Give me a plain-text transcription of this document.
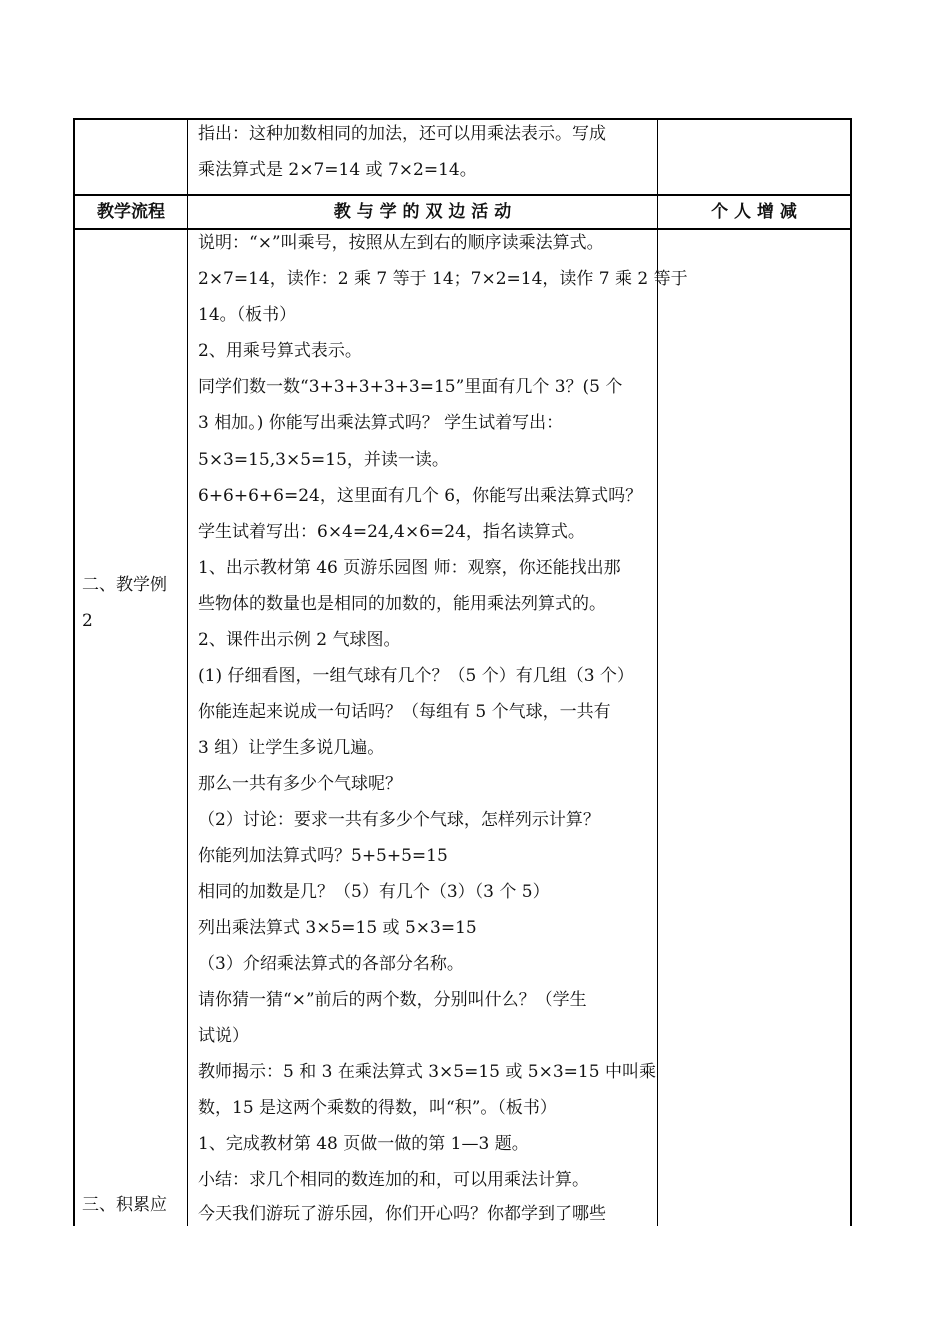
指出：这种加数相同的加法，还可以用乘法表示。写成
乘法算式是 2×7=14 或 7×2=14。
教学流程	教 与 学 的 双 边 活 动	个 人 增 减
二、教学例
2
三、积累应
说明：“×”叫乘号，按照从左到右的顺序读乘法算式。
2×7=14，读作：2 乘 7 等于 14；7×2=14，读作 7 乘 2 等于
14。（板书）
2、用乘号算式表示。
同学们数一数“3+3+3+3+3=15”里面有几个 3？(5 个
3 相加。) 你能写出乘法算式吗？ 学生试着写出：
5×3=15,3×5=15，并读一读。
6+6+6+6=24，这里面有几个 6，你能写出乘法算式吗？
学生试着写出：6×4=24,4×6=24，指名读算式。
1、出示教材第 46 页游乐园图 师：观察，你还能找出那
些物体的数量也是相同的加数的，能用乘法列算式的。
2、课件出示例 2 气球图。
(1) 仔细看图，一组气球有几个？（5 个）有几组（3 个）
你能连起来说成一句话吗？（每组有 5 个气球，一共有
3 组）让学生多说几遍。
那么一共有多少个气球呢？
（2）讨论：要求一共有多少个气球，怎样列示计算？
你能列加法算式吗？5+5+5=15
相同的加数是几？（5）有几个（3）（3 个 5）
列出乘法算式 3×5=15 或 5×3=15
（3）介绍乘法算式的各部分名称。
请你猜一猜“×”前后的两个数，分别叫什么？（学生
试说）
教师揭示：5 和 3 在乘法算式 3×5=15 或 5×3=15 中叫乘
数，15 是这两个乘数的得数，叫“积”。（板书）
1、完成教材第 48 页做一做的第 1—3 题。
小结：求几个相同的数连加的和，可以用乘法计算。
今天我们游玩了游乐园，你们开心吗？你都学到了哪些
